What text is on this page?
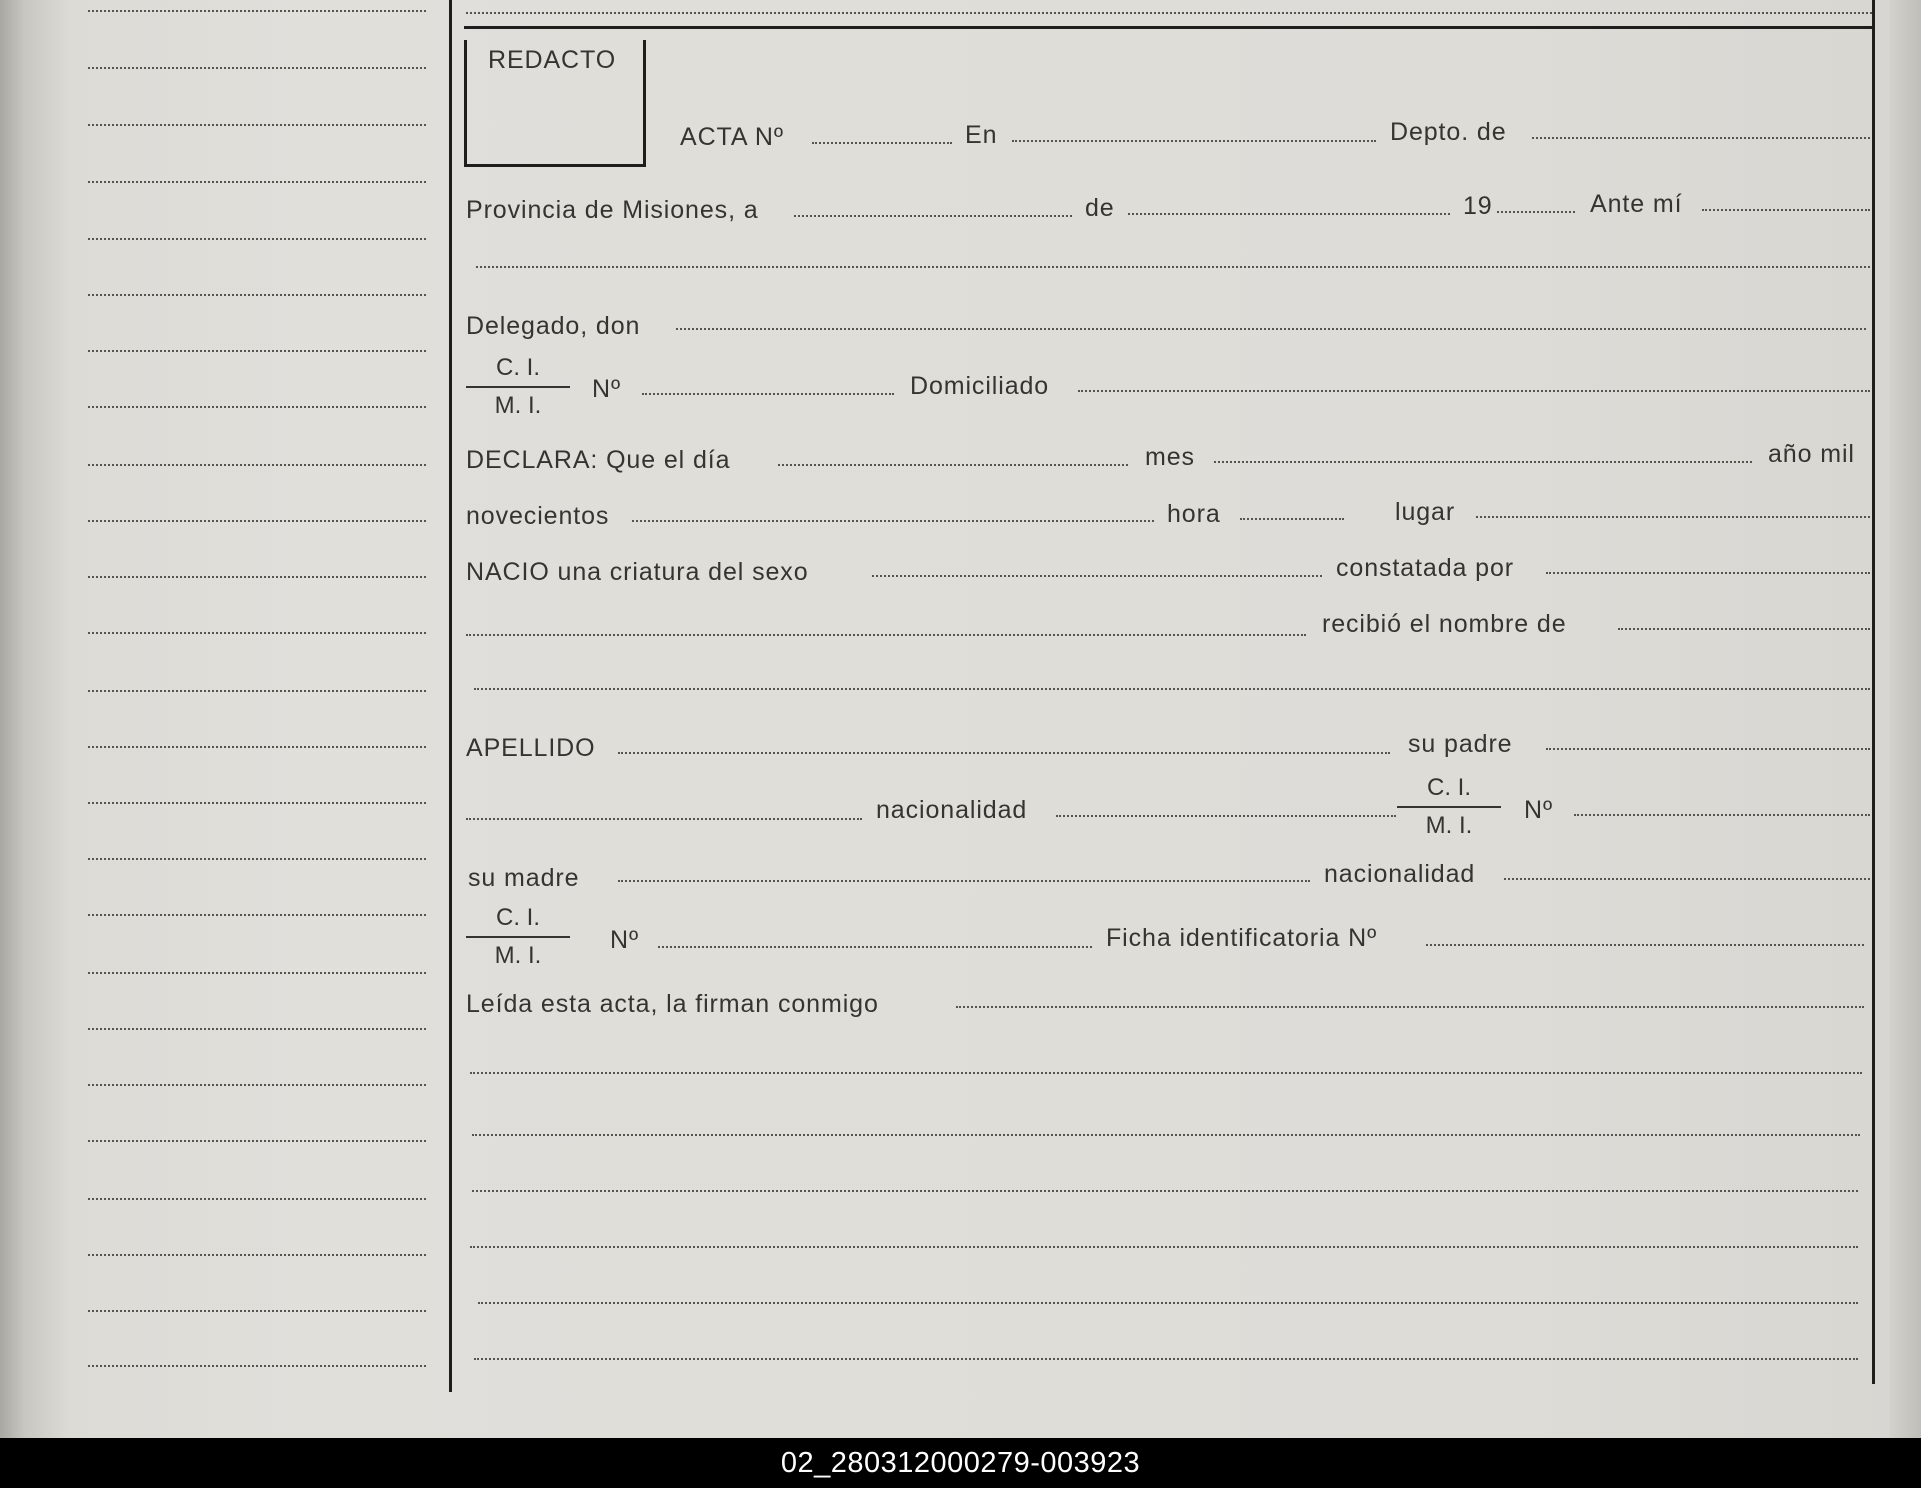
REDACTO
ACTA Nº	En	Depto. de
Provincia de Misiones, a	de	19	Ante mí
Delegado, don
C. I.
M. I.
Nº	Domiciliado
DECLARA: Que el día	mes	año mil
novecientos	hora	lugar
NACIO una criatura del sexo	constatada por
recibió el nombre de
APELLIDO	su padre
nacionalidad
C. I.
M. I.
Nº
su madre	nacionalidad
C. I.
M. I.
Nº	Ficha identificatoria Nº
Leída esta acta, la firman conmigo
02_280312000279-003923
